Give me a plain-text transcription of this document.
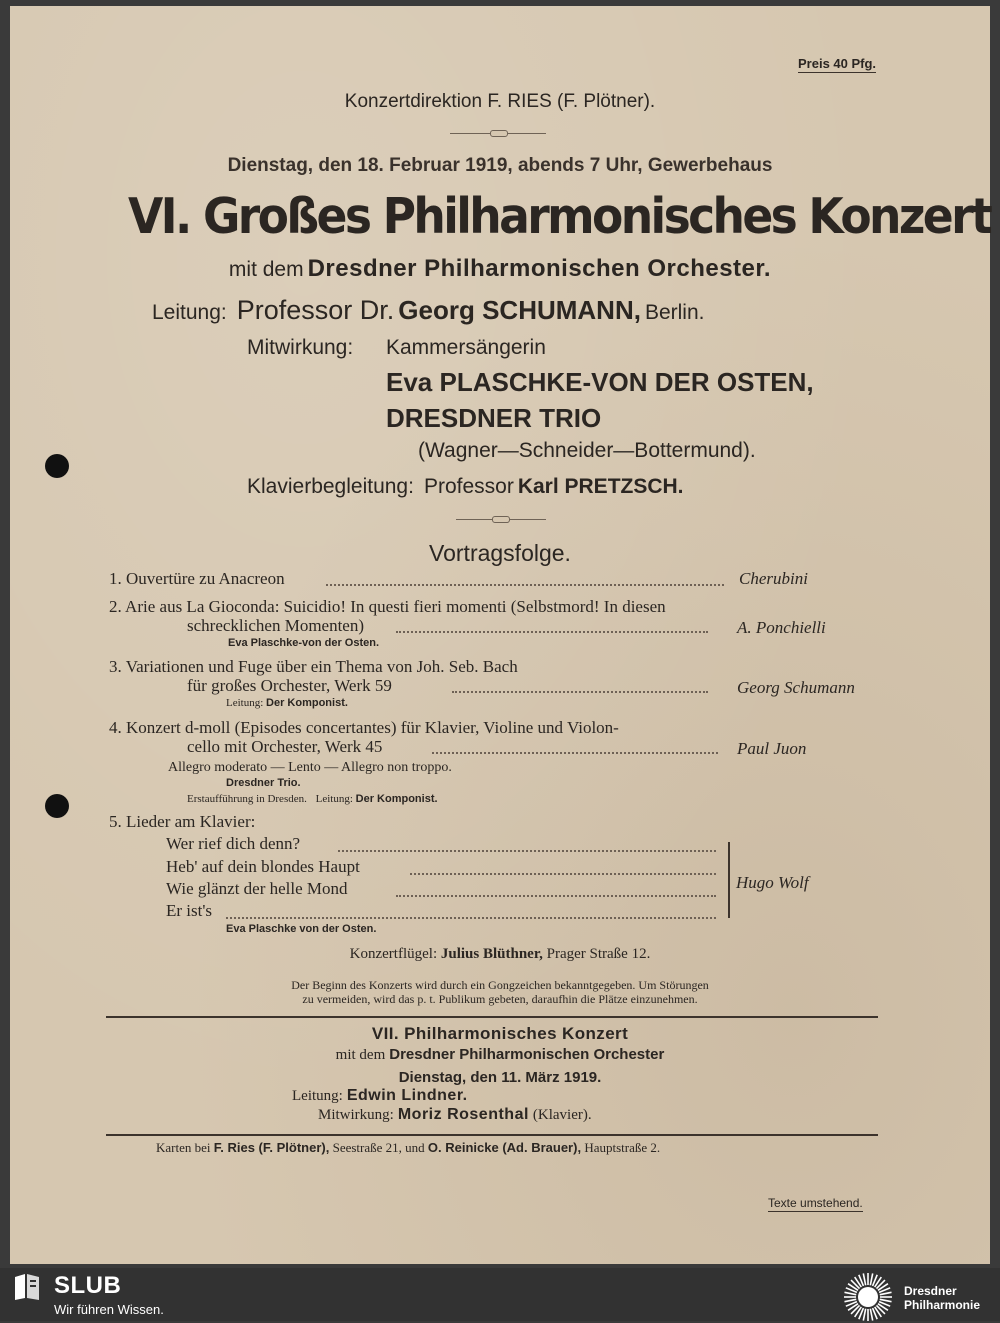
Preis 40 Pfg.
Konzertdirektion F. RIES (F. Plötner).
Dienstag, den 18. Februar 1919, abends 7 Uhr, Gewerbehaus
VI. Großes Philharmonisches Konzert
mit dem Dresdner Philharmonischen Orchester.
Leitung: Professor Dr. Georg SCHUMANN, Berlin.
Mitwirkung: Kammersängerin
Eva PLASCHKE-VON DER OSTEN,
DRESDNER TRIO
(Wagner—Schneider—Bottermund).
Klavierbegleitung: Professor Karl PRETZSCH.
Vortragsfolge.
1. Ouvertüre zu Anacreon	Cherubini
2. Arie aus La Gioconda: Suicidio! In questi fieri momenti (Selbstmord! In diesen
schrecklichen Momenten)	A. Ponchielli
Eva Plaschke-von der Osten.
3. Variationen und Fuge über ein Thema von Joh. Seb. Bach
für großes Orchester, Werk 59	Georg Schumann
Leitung: Der Komponist.
4. Konzert d-moll (Episodes concertantes) für Klavier, Violine und Violon-
cello mit Orchester, Werk 45	Paul Juon
Allegro moderato — Lento — Allegro non troppo.
Dresdner Trio.
Erstaufführung in Dresden. Leitung: Der Komponist.
5. Lieder am Klavier:
Wer rief dich denn?
Heb' auf dein blondes Haupt
Wie glänzt der helle Mond
Er ist's
Hugo Wolf
Eva Plaschke von der Osten.
Konzertflügel: Julius Blüthner, Prager Straße 12.
Der Beginn des Konzerts wird durch ein Gongzeichen bekanntgegeben. Um Störungen
zu vermeiden, wird das p. t. Publikum gebeten, daraufhin die Plätze einzunehmen.
VII. Philharmonisches Konzert
mit dem Dresdner Philharmonischen Orchester
Dienstag, den 11. März 1919.
Leitung: Edwin Lindner.
Mitwirkung: Moriz Rosenthal (Klavier).
Karten bei F. Ries (F. Plötner), Seestraße 21, und O. Reinicke (Ad. Brauer), Hauptstraße 2.
Texte umstehend.
SLUB
Wir führen Wissen.
Dresdner
Philharmonie
